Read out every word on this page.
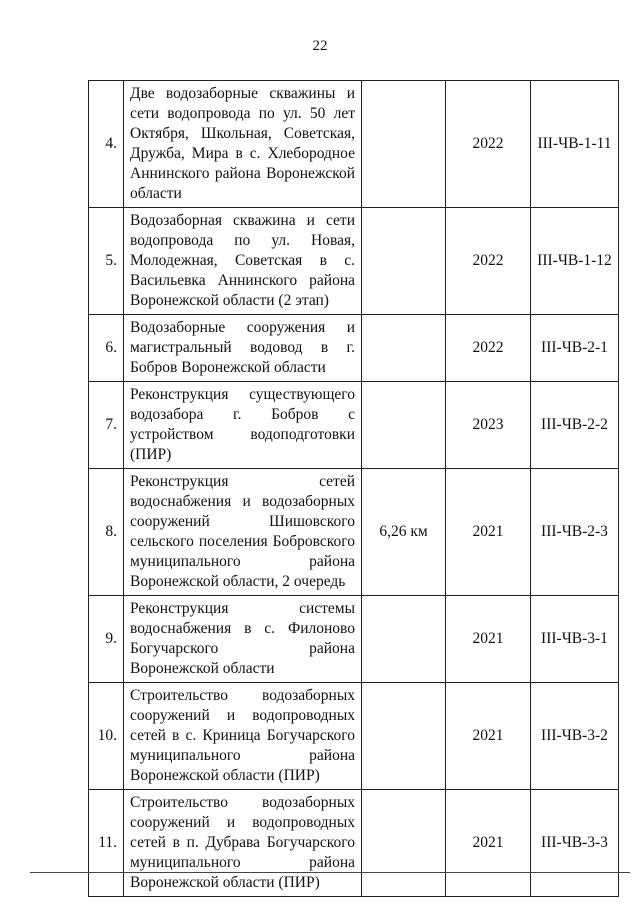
22
4.	Две водозаборные скважины и сети водопровода по ул. 50 лет Октября, Школьная, Советская, Дружба, Мира в с. Хлебородное Аннинского района Воронежской области		2022	III-ЧВ-1-11
5.	Водозаборная скважина и сети водопровода по ул. Новая, Молодежная, Советская в с. Васильевка Аннинского района Воронежской области (2 этап)		2022	III-ЧВ-1-12
6.	Водозаборные сооружения и магистральный водовод в г. Бобров Воронежской области		2022	III-ЧВ-2-1
7.	Реконструкция существующего водозабора г. Бобров с устройством водоподготовки (ПИР)		2023	III-ЧВ-2-2
8.	Реконструкция сетей водоснабжения и водозаборных сооружений Шишовского сельского поселения Бобровского муниципального района Воронежской области, 2 очередь	6,26 км	2021	III-ЧВ-2-3
9.	Реконструкция системы водоснабжения в с. Филоново Богучарского района Воронежской области		2021	III-ЧВ-3-1
10.	Строительство водозаборных сооружений и водопроводных сетей в с. Криница Богучарского муниципального района Воронежской области (ПИР)		2021	III-ЧВ-3-2
11.	Строительство водозаборных сооружений и водопроводных сетей в п. Дубрава Богучарского муниципального района Воронежской области (ПИР)		2021	III-ЧВ-3-3
